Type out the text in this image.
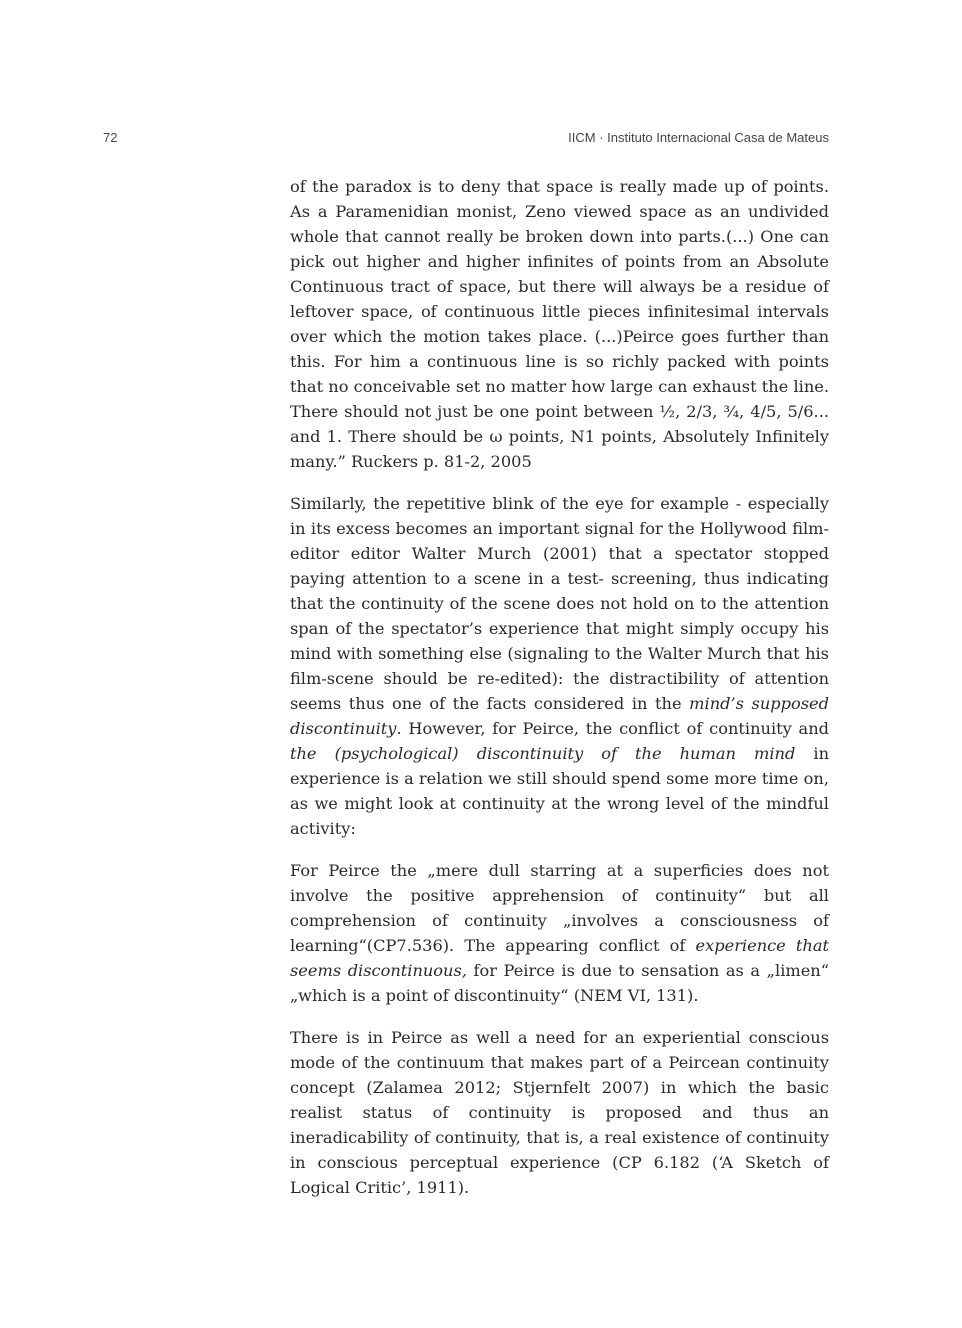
72	IICM · Instituto Internacional Casa de Mateus

of the paradox is to deny that space is really made up of points. As a Paramenidian monist, Zeno viewed space as an undivided whole that cannot really be broken down into parts.(...) One can pick out higher and higher infinites of points from an Absolute Continuous tract of space, but there will always be a residue of leftover space, of continuous little pieces infinitesimal intervals over which the motion takes place. (...)Peirce goes further than this. For him a continuous line is so richly packed with points that no conceivable set no matter how large can exhaust the line. There should not just be one point between ½, 2/3, ¾, 4/5, 5/6... and 1. There should be ω points, N1 points, Absolutely Infinitely many.” Ruckers p. 81-2, 2005

Similarly, the repetitive blink of the eye for example - especially in its excess becomes an important signal for the Hollywood film-editor editor Walter Murch (2001) that a spectator stopped paying attention to a scene in a test- screening, thus indicating that the continuity of the scene does not hold on to the attention span of the spectator’s experience that might simply occupy his mind with something else (signaling to the Walter Murch that his film-scene should be re-edited): the distractibility of attention seems thus one of the facts considered in the mind’s supposed discontinuity. However, for Peirce, the conflict of continuity and the (psychological) discontinuity of the human mind in experience is a relation we still should spend some more time on, as we might look at continuity at the wrong level of the mindful activity:

For Peirce the „mere dull starring at a superficies does not involve the positive apprehension of continuity“ but all comprehension of continuity „involves a consciousness of learning“(CP7.536). The appearing conflict of experience that seems discontinuous, for Peirce is due to sensation as a „limen“ „which is a point of discontinuity“ (NEM VI, 131).

There is in Peirce as well a need for an experiential conscious mode of the continuum that makes part of a Peircean continuity concept (Zalamea 2012; Stjernfelt 2007) in which the basic realist status of continuity is proposed and thus an ineradicability of continuity, that is, a real existence of continuity in conscious perceptual experience (CP 6.182 (‘A Sketch of Logical Critic’, 1911).
